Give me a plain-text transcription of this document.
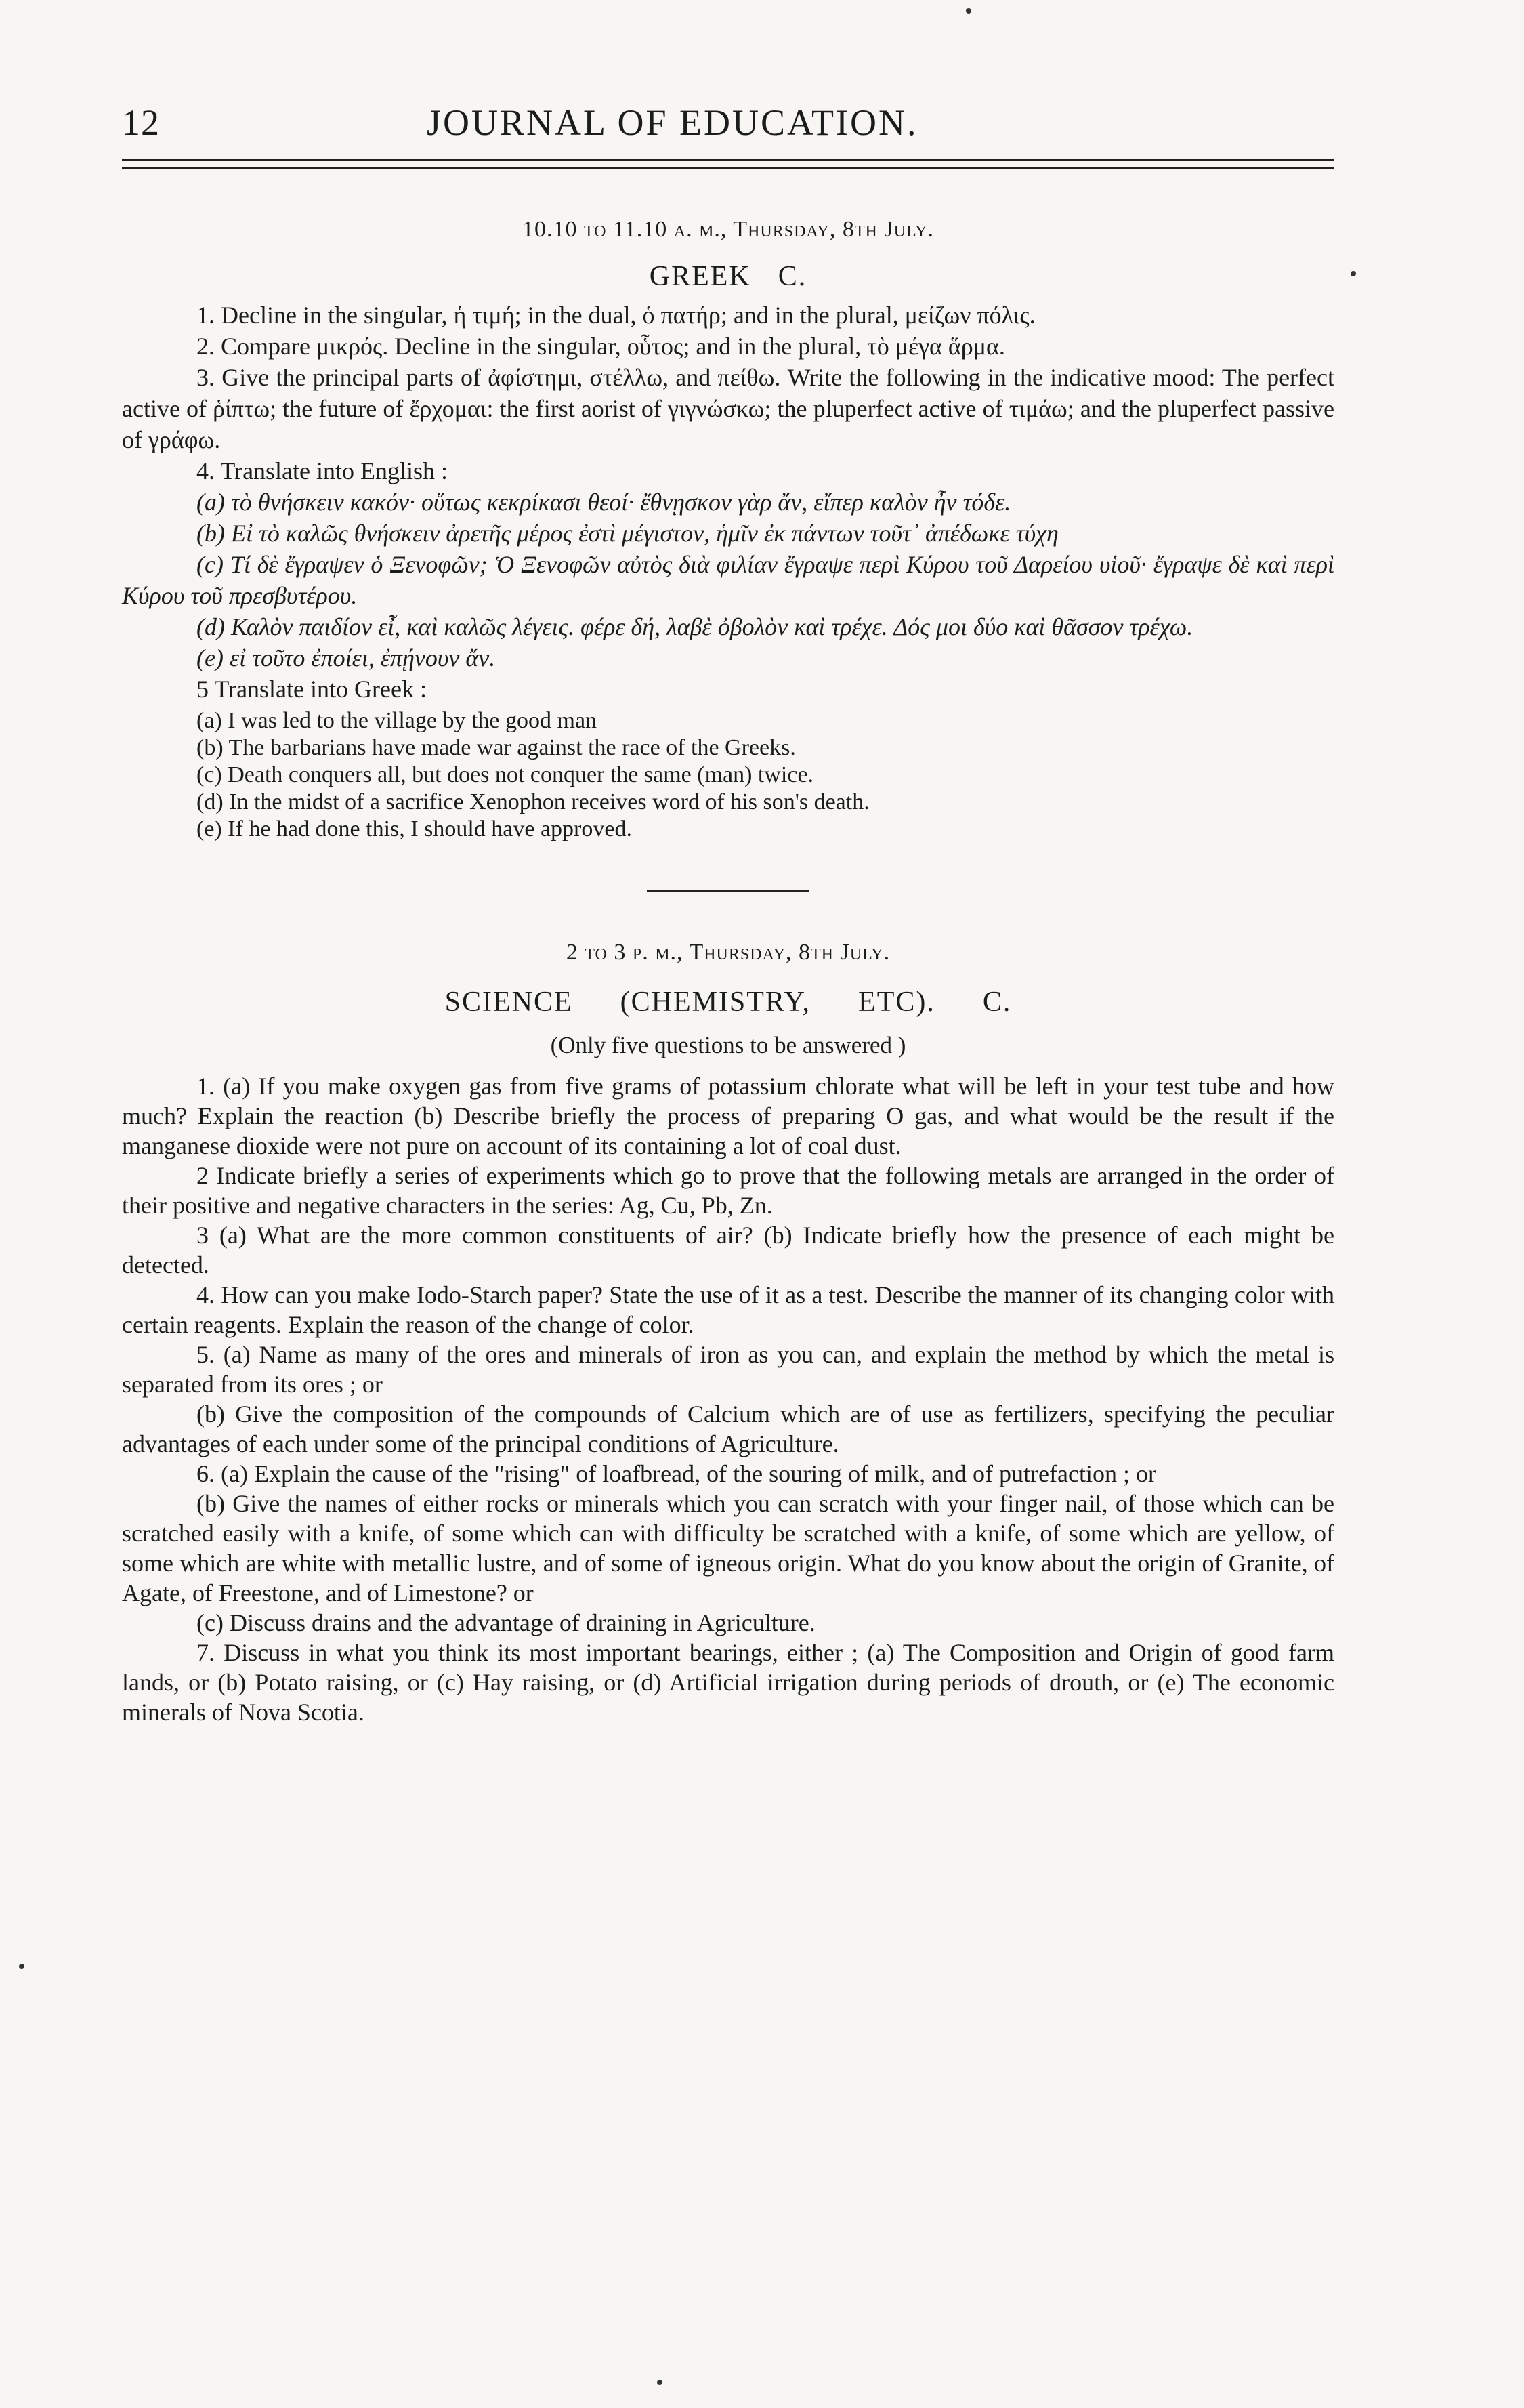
12	JOURNAL OF EDUCATION.
10.10 to 11.10 a. m., Thursday, 8th July.
GREEK C.

1. Decline in the singular, ἡ τιμή; in the dual, ὁ πατήρ; and in the plural, μείζων πόλις.

2. Compare μικρός. Decline in the singular, οὗτος; and in the plural, τὸ μέγα ἅρμα.

3. Give the principal parts of ἀφίστημι, στέλλω, and πείθω. Write the following in the indicative mood: The perfect active of ῥίπτω; the future of ἔρχομαι: the first aorist of γιγνώσκω; the pluperfect active of τιμάω; and the pluperfect passive of γράφω.

4. Translate into English :

(a) τὸ θνήσκειν κακόν· οὕτως κεκρίκασι θεοί· ἔθνῃσκον γὰρ ἄν, εἴπερ καλὸν ἦν τόδε.

(b) Εἰ τὸ καλῶς θνήσκειν ἀρετῆς μέρος ἐστὶ μέγιστον, ἡμῖν ἐκ πάντων τοῦτ᾽ ἀπέδωκε τύχη

(c) Τί δὲ ἔγραψεν ὁ Ξενοφῶν; Ὁ Ξενοφῶν αὐτὸς διὰ φιλίαν ἔγραψε περὶ Κύρου τοῦ Δαρείου υἱοῦ· ἔγραψε δὲ καὶ περὶ Κύρου τοῦ πρεσβυτέρου.

(d) Καλὸν παιδίον εἶ, καὶ καλῶς λέγεις. φέρε δή, λαβὲ ὀβολὸν καὶ τρέχε. Δός μοι δύο καὶ θᾶσσον τρέχω.

(e) εἰ τοῦτο ἐποίει, ἐπῄνουν ἄν.

5 Translate into Greek :

(a) I was led to the village by the good man
(b) The barbarians have made war against the race of the Greeks.
(c) Death conquers all, but does not conquer the same (man) twice.
(d) In the midst of a sacrifice Xenophon receives word of his son's death.
(e) If he had done this, I should have approved.
2 to 3 p. m., Thursday, 8th July.
SCIENCE (CHEMISTRY, ETC). C.
(Only five questions to be answered )

1. (a) If you make oxygen gas from five grams of potassium chlorate what will be left in your test tube and how much? Explain the reaction (b) Describe briefly the process of preparing O gas, and what would be the result if the manganese dioxide were not pure on account of its containing a lot of coal dust.

2 Indicate briefly a series of experiments which go to prove that the following metals are arranged in the order of their positive and negative characters in the series: Ag, Cu, Pb, Zn.

3 (a) What are the more common constituents of air? (b) Indicate briefly how the presence of each might be detected.

4. How can you make Iodo-Starch paper? State the use of it as a test. Describe the manner of its changing color with certain reagents. Explain the reason of the change of color.

5. (a) Name as many of the ores and minerals of iron as you can, and explain the method by which the metal is separated from its ores ; or

(b) Give the composition of the compounds of Calcium which are of use as fertilizers, specifying the peculiar advantages of each under some of the principal conditions of Agriculture.

6. (a) Explain the cause of the "rising" of loafbread, of the souring of milk, and of putrefaction ; or

(b) Give the names of either rocks or minerals which you can scratch with your finger nail, of those which can be scratched easily with a knife, of some which can with difficulty be scratched with a knife, of some which are yellow, of some which are white with metallic lustre, and of some of igneous origin. What do you know about the origin of Granite, of Agate, of Freestone, and of Limestone? or

(c) Discuss drains and the advantage of draining in Agriculture.

7. Discuss in what you think its most important bearings, either ; (a) The Composition and Origin of good farm lands, or (b) Potato raising, or (c) Hay raising, or (d) Artificial irrigation during periods of drouth, or (e) The economic minerals of Nova Scotia.
